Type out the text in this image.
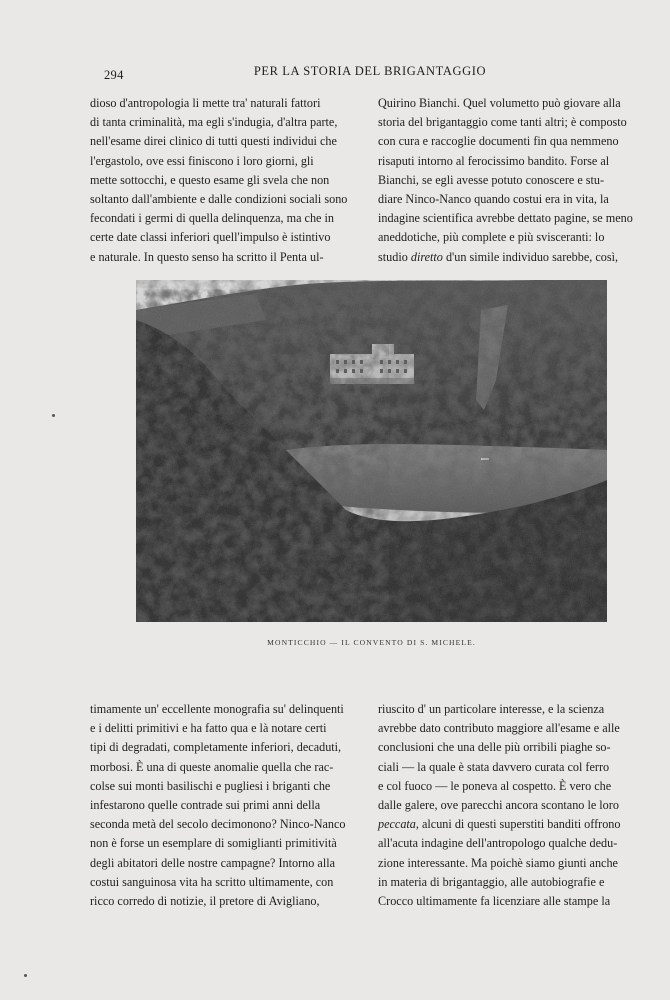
294	PER LA STORIA DEL BRIGANTAGGIO

dioso d'antropologia li mette tra' naturali fattori

di tanta criminalità, ma egli s'indugia, d'altra parte,

nell'esame direi clinico di tutti questi individui che

l'ergastolo, ove essi finiscono i loro giorni, gli

mette sottocchi, e questo esame gli svela che non

soltanto dall'ambiente e dalle condizioni sociali sono

fecondati i germi di quella delinquenza, ma che in

certe date classi inferiori quell'impulso è istintivo

e naturale. In questo senso ha scritto il Penta ul-

Quirino Bianchi. Quel volumetto può giovare alla

storia del brigantaggio come tanti altri; è composto

con cura e raccoglie documenti fin qua nemmeno

risaputi intorno al ferocissimo bandito. Forse al

Bianchi, se egli avesse potuto conoscere e stu-

diare Ninco-Nanco quando costui era in vita, la

indagine scientifica avrebbe dettato pagine, se meno

aneddotiche, più complete e più svisceranti: lo

studio diretto d'un simile individuo sarebbe, così,

MONTICCHIO — IL CONVENTO DI S. MICHELE.

timamente un' eccellente monografia su' delinquenti

e i delitti primitivi e ha fatto qua e là notare certi

tipi di degradati, completamente inferiori, decaduti,

morbosi. È una di queste anomalie quella che rac-

colse sui monti basilischi e pugliesi i briganti che

infestarono quelle contrade sui primi anni della

seconda metà del secolo decimonono? Ninco-Nanco

non è forse un esemplare di somiglianti primitività

degli abitatori delle nostre campagne? Intorno alla

costui sanguinosa vita ha scritto ultimamente, con

ricco corredo di notizie, il pretore di Avigliano,

riuscito d' un particolare interesse, e la scienza

avrebbe dato contributo maggiore all'esame e alle

conclusioni che una delle più orribili piaghe so-

ciali — la quale è stata davvero curata col ferro

e col fuoco — le poneva al cospetto. È vero che

dalle galere, ove parecchi ancora scontano le loro

peccata, alcuni di questi superstiti banditi offrono

all'acuta indagine dell'antropologo qualche dedu-

zione interessante. Ma poichè siamo giunti anche

in materia di brigantaggio, alle autobiografie e

Crocco ultimamente fa licenziare alle stampe la
